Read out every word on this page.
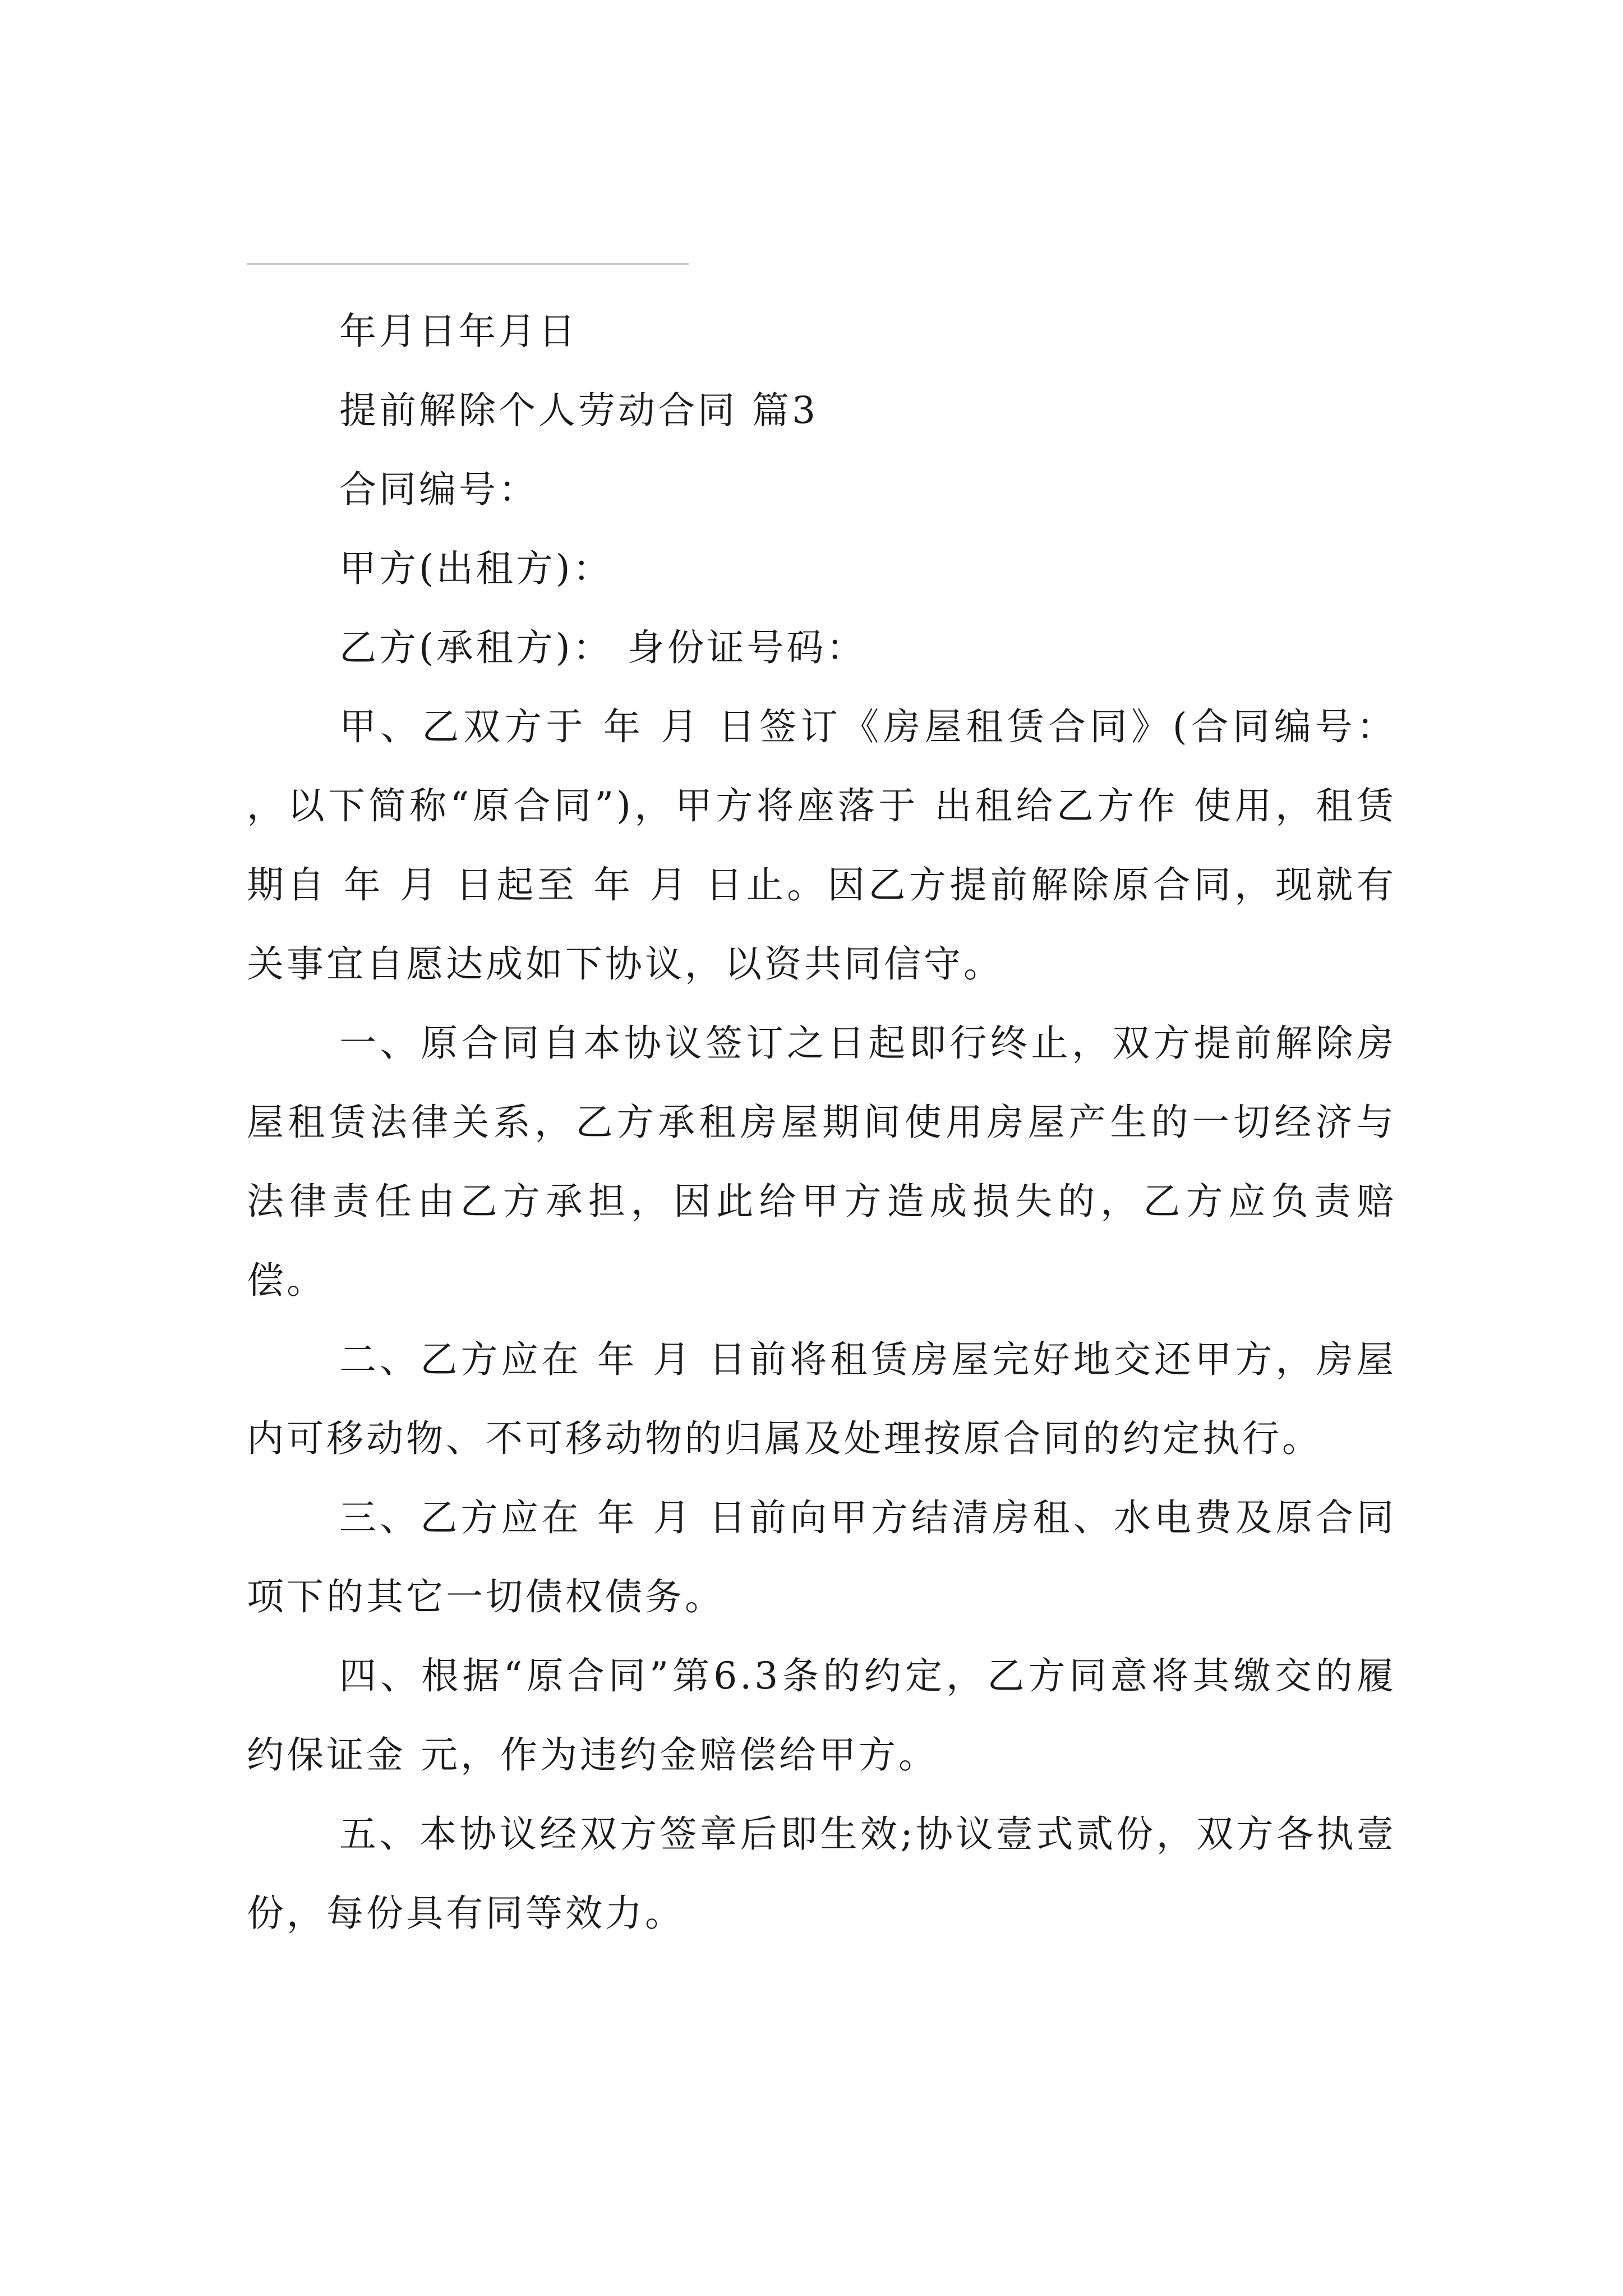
年月日年月日

提前解除个人劳动合同 篇3

合同编号：

甲方(出租方)：

乙方(承租方)： 身份证号码：

甲、乙双方于 年 月 日签订《房屋租赁合同》(合同编号： ，以下简称“原合同”)，甲方将座落于 出租给乙方作 使用，租赁期自 年 月 日起至 年 月 日止。因乙方提前解除原合同，现就有关事宜自愿达成如下协议，以资共同信守。

一、原合同自本协议签订之日起即行终止，双方提前解除房屋租赁法律关系，乙方承租房屋期间使用房屋产生的一切经济与法律责任由乙方承担，因此给甲方造成损失的，乙方应负责赔偿。

二、乙方应在 年 月 日前将租赁房屋完好地交还甲方，房屋内可移动物、不可移动物的归属及处理按原合同的约定执行。

三、乙方应在 年 月 日前向甲方结清房租、水电费及原合同项下的其它一切债权债务。

四、根据“原合同”第6.3条的约定，乙方同意将其缴交的履约保证金 元，作为违约金赔偿给甲方。

五、本协议经双方签章后即生效;协议壹式贰份，双方各执壹份，每份具有同等效力。
